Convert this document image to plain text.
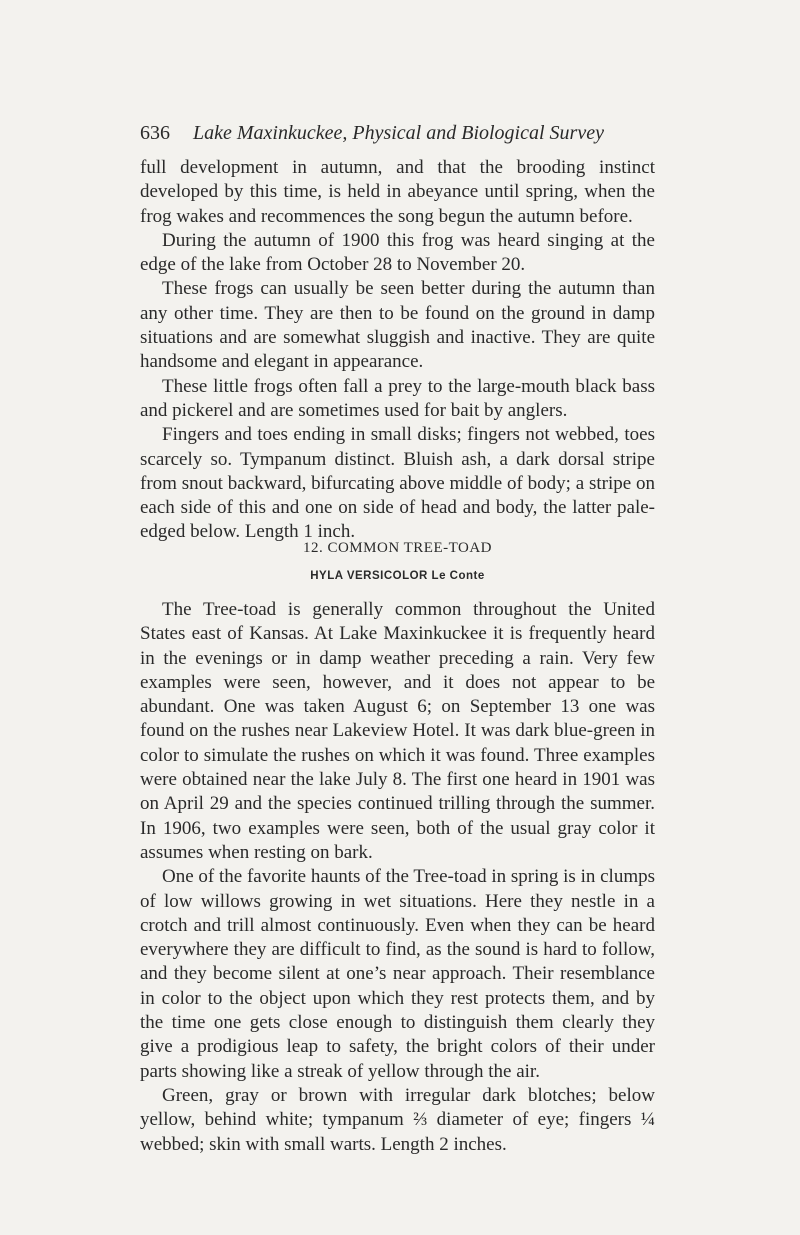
636 Lake Maxinkuckee, Physical and Biological Survey

full development in autumn, and that the brooding instinct developed by this time, is held in abeyance until spring, when the frog wakes and recommences the song begun the autumn before.

During the autumn of 1900 this frog was heard singing at the edge of the lake from October 28 to November 20.

These frogs can usually be seen better during the autumn than any other time. They are then to be found on the ground in damp situations and are somewhat sluggish and inactive. They are quite handsome and elegant in appearance.

These little frogs often fall a prey to the large-mouth black bass and pickerel and are sometimes used for bait by anglers.

Fingers and toes ending in small disks; fingers not webbed, toes scarcely so. Tympanum distinct. Bluish ash, a dark dorsal stripe from snout backward, bifurcating above middle of body; a stripe on each side of this and one on side of head and body, the latter pale-edged below. Length 1 inch.

12. COMMON TREE-TOAD
HYLA VERSICOLOR Le Conte

The Tree-toad is generally common throughout the United States east of Kansas. At Lake Maxinkuckee it is frequently heard in the evenings or in damp weather preceding a rain. Very few examples were seen, however, and it does not appear to be abundant. One was taken August 6; on September 13 one was found on the rushes near Lakeview Hotel. It was dark blue-green in color to simulate the rushes on which it was found. Three examples were obtained near the lake July 8. The first one heard in 1901 was on April 29 and the species continued trilling through the summer. In 1906, two examples were seen, both of the usual gray color it assumes when resting on bark.

One of the favorite haunts of the Tree-toad in spring is in clumps of low willows growing in wet situations. Here they nestle in a crotch and trill almost continuously. Even when they can be heard everywhere they are difficult to find, as the sound is hard to follow, and they become silent at one’s near approach. Their resemblance in color to the object upon which they rest protects them, and by the time one gets close enough to distinguish them clearly they give a prodigious leap to safety, the bright colors of their under parts showing like a streak of yellow through the air.

Green, gray or brown with irregular dark blotches; below yellow, behind white; tympanum ⅔ diameter of eye; fingers ¼ webbed; skin with small warts. Length 2 inches.
